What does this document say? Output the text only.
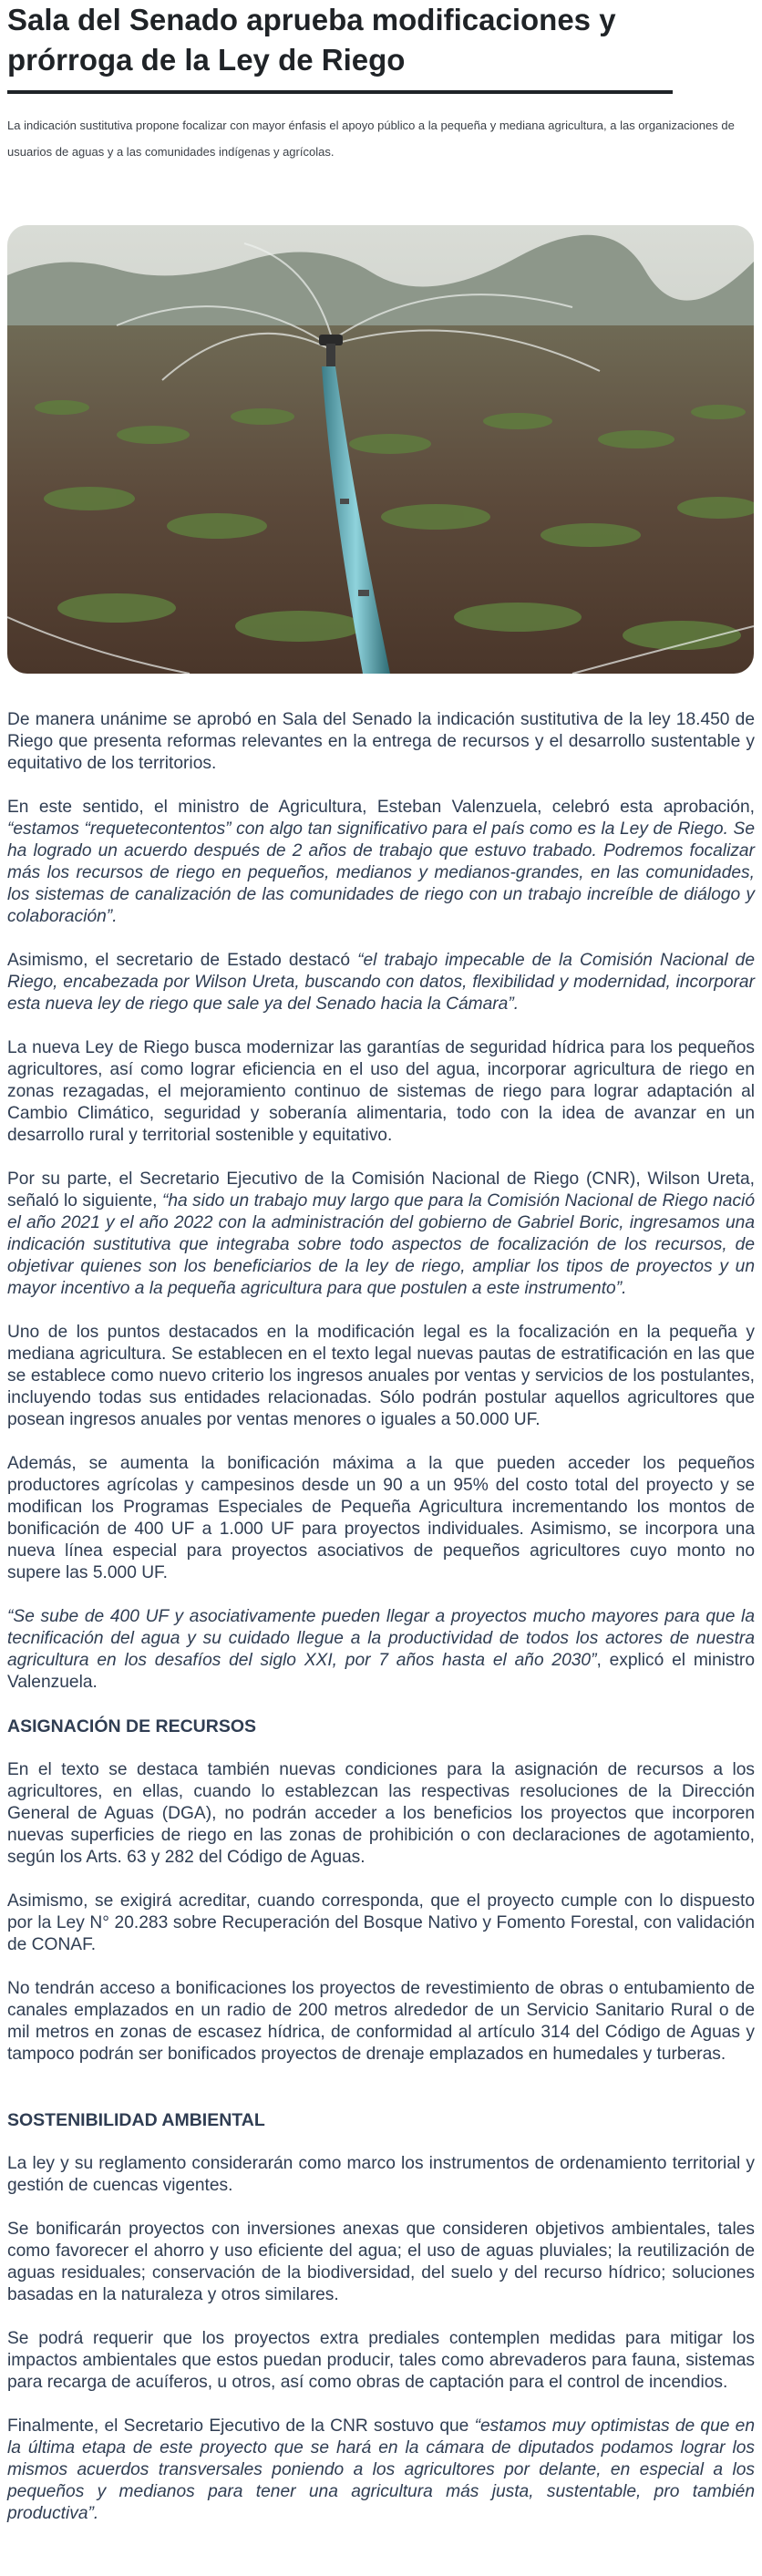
Sala del Senado aprueba modificaciones y prórroga de la Ley de Riego

La indicación sustitutiva propone focalizar con mayor énfasis el apoyo público a la pequeña y mediana agricultura, a las organizaciones de usuarios de aguas y a las comunidades indígenas y agrícolas.

De manera unánime se aprobó en Sala del Senado la indicación sustitutiva de la ley 18.450 de Riego que presenta reformas relevantes en la entrega de recursos y el desarrollo sustentable y equitativo de los territorios.

En este sentido, el ministro de Agricultura, Esteban Valenzuela, celebró esta aprobación, “estamos “requetecontentos” con algo tan significativo para el país como es la Ley de Riego. Se ha logrado un acuerdo después de 2 años de trabajo que estuvo trabado. Podremos focalizar más los recursos de riego en pequeños, medianos y medianos-grandes, en las comunidades, los sistemas de canalización de las comunidades de riego con un trabajo increíble de diálogo y colaboración”.

Asimismo, el secretario de Estado destacó “el trabajo impecable de la Comisión Nacional de Riego, encabezada por Wilson Ureta, buscando con datos, flexibilidad y modernidad, incorporar esta nueva ley de riego que sale ya del Senado hacia la Cámara”.

La nueva Ley de Riego busca modernizar las garantías de seguridad hídrica para los pequeños agricultores, así como lograr eficiencia en el uso del agua, incorporar agricultura de riego en zonas rezagadas, el mejoramiento continuo de sistemas de riego para lograr adaptación al Cambio Climático, seguridad y soberanía alimentaria, todo con la idea de avanzar en un desarrollo rural y territorial sostenible y equitativo.

Por su parte, el Secretario Ejecutivo de la Comisión Nacional de Riego (CNR), Wilson Ureta, señaló lo siguiente, “ha sido un trabajo muy largo que para la Comisión Nacional de Riego nació el año 2021 y el año 2022 con la administración del gobierno de Gabriel Boric, ingresamos una indicación sustitutiva que integraba sobre todo aspectos de focalización de los recursos, de objetivar quienes son los beneficiarios de la ley de riego, ampliar los tipos de proyectos y un mayor incentivo a la pequeña agricultura para que postulen a este instrumento”.

Uno de los puntos destacados en la modificación legal es la focalización en la pequeña y mediana agricultura. Se establecen en el texto legal nuevas pautas de estratificación en las que se establece como nuevo criterio los ingresos anuales por ventas y servicios de los postulantes, incluyendo todas sus entidades relacionadas. Sólo podrán postular aquellos agricultores que posean ingresos anuales por ventas menores o iguales a 50.000 UF.

Además, se aumenta la bonificación máxima a la que pueden acceder los pequeños productores agrícolas y campesinos desde un 90 a un 95% del costo total del proyecto y se modifican los Programas Especiales de Pequeña Agricultura incrementando los montos de bonificación de 400 UF a 1.000 UF para proyectos individuales. Asimismo, se incorpora una nueva línea especial para proyectos asociativos de pequeños agricultores cuyo monto no supere las 5.000 UF.

“Se sube de 400 UF y asociativamente pueden llegar a proyectos mucho mayores para que la tecnificación del agua y su cuidado llegue a la productividad de todos los actores de nuestra agricultura en los desafíos del siglo XXI, por 7 años hasta el año 2030”, explicó el ministro Valenzuela.

ASIGNACIÓN DE RECURSOS

En el texto se destaca también nuevas condiciones para la asignación de recursos a los agricultores, en ellas, cuando lo establezcan las respectivas resoluciones de la Dirección General de Aguas (DGA), no podrán acceder a los beneficios los proyectos que incorporen nuevas superficies de riego en las zonas de prohibición o con declaraciones de agotamiento, según los Arts. 63 y 282 del Código de Aguas.

Asimismo, se exigirá acreditar, cuando corresponda, que el proyecto cumple con lo dispuesto por la Ley N° 20.283 sobre Recuperación del Bosque Nativo y Fomento Forestal, con validación de CONAF.

No tendrán acceso a bonificaciones los proyectos de revestimiento de obras o entubamiento de canales emplazados en un radio de 200 metros alrededor de un Servicio Sanitario Rural o de mil metros en zonas de escasez hídrica, de conformidad al artículo 314 del Código de Aguas y tampoco podrán ser bonificados proyectos de drenaje emplazados en humedales y turberas.

SOSTENIBILIDAD AMBIENTAL

La ley y su reglamento considerarán como marco los instrumentos de ordenamiento territorial y gestión de cuencas vigentes.

Se bonificarán proyectos con inversiones anexas que consideren objetivos ambientales, tales como favorecer el ahorro y uso eficiente del agua; el uso de aguas pluviales; la reutilización de aguas residuales; conservación de la biodiversidad, del suelo y del recurso hídrico; soluciones basadas en la naturaleza y otros similares.

Se podrá requerir que los proyectos extra prediales contemplen medidas para mitigar los impactos ambientales que estos puedan producir, tales como abrevaderos para fauna, sistemas para recarga de acuíferos, u otros, así como obras de captación para el control de incendios.

Finalmente, el Secretario Ejecutivo de la CNR sostuvo que “estamos muy optimistas de que en la última etapa de este proyecto que se hará en la cámara de diputados podamos lograr los mismos acuerdos transversales poniendo a los agricultores por delante, en especial a los pequeños y medianos para tener una agricultura más justa, sustentable, pro también productiva”.
